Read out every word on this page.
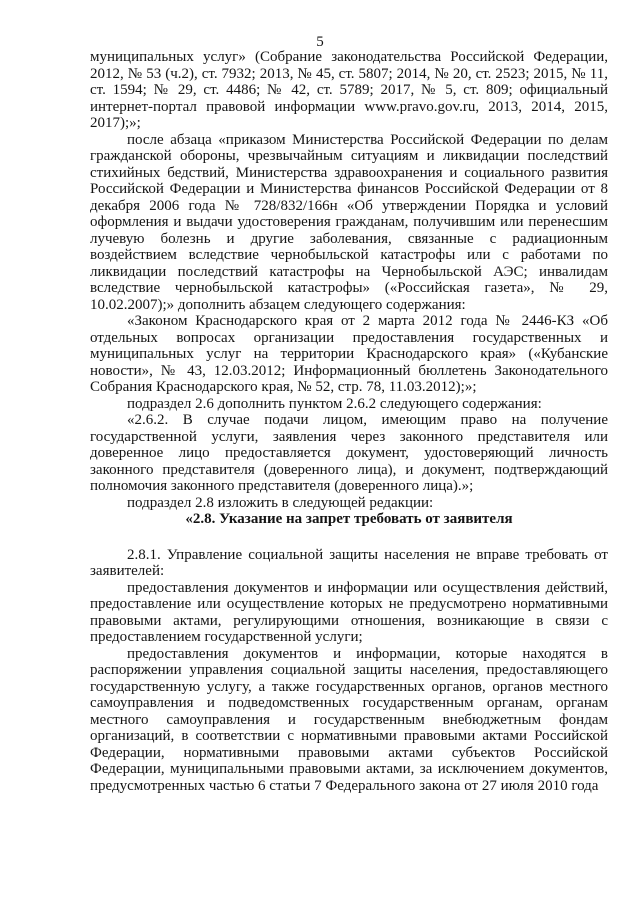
5

муниципальных услуг» (Собрание законодательства Российской Федерации, 2012, № 53 (ч.2), ст. 7932; 2013, № 45, ст. 5807; 2014, № 20, ст. 2523; 2015, № 11, ст. 1594; № 29, ст. 4486; № 42, ст. 5789; 2017, № 5, ст. 809; официальный интернет-портал правовой информации www.pravo.gov.ru, 2013, 2014, 2015, 2017);»;

после абзаца «приказом Министерства Российской Федерации по делам гражданской обороны, чрезвычайным ситуациям и ликвидации последствий стихийных бедствий, Министерства здравоохранения и социального развития Российской Федерации и Министерства финансов Российской Федерации от 8 декабря 2006 года № 728/832/166н «Об утверждении Порядка и условий оформления и выдачи удостоверения гражданам, получившим или перенесшим лучевую болезнь и другие заболевания, связанные с радиационным воздействием вследствие чернобыльской катастрофы или с работами по ликвидации последствий катастрофы на Чернобыльской АЭС; инвалидам вследствие чернобыльской катастрофы» («Российская газета», № 29, 10.02.2007);» дополнить абзацем следующего содержания:

«Законом Краснодарского края от 2 марта 2012 года № 2446-КЗ «Об отдельных вопросах организации предоставления государственных и муниципальных услуг на территории Краснодарского края» («Кубанские новости», № 43, 12.03.2012; Информационный бюллетень Законодательного Собрания Краснодарского края, № 52, стр. 78, 11.03.2012);»;

подраздел 2.6 дополнить пунктом 2.6.2 следующего содержания:

«2.6.2. В случае подачи лицом, имеющим право на получение государственной услуги, заявления через законного представителя или доверенное лицо предоставляется документ, удостоверяющий личность законного представителя (доверенного лица), и документ, подтверждающий полномочия законного представителя (доверенного лица).»;

подраздел 2.8 изложить в следующей редакции:

«2.8. Указание на запрет требовать от заявителя

2.8.1. Управление социальной защиты населения не вправе требовать от заявителей:

предоставления документов и информации или осуществления действий, предоставление или осуществление которых не предусмотрено нормативными правовыми актами, регулирующими отношения, возникающие в связи с предоставлением государственной услуги;

предоставления документов и информации, которые находятся в распоряжении управления социальной защиты населения, предоставляющего государственную услугу, а также государственных органов, органов местного самоуправления и подведомственных государственным органам, органам местного самоуправления и государственным внебюджетным фондам организаций, в соответствии с нормативными правовыми актами Российской Федерации, нормативными правовыми актами субъектов Российской Федерации, муниципальными правовыми актами, за исключением документов, предусмотренных частью 6 статьи 7 Федерального закона от 27 июля 2010 года
